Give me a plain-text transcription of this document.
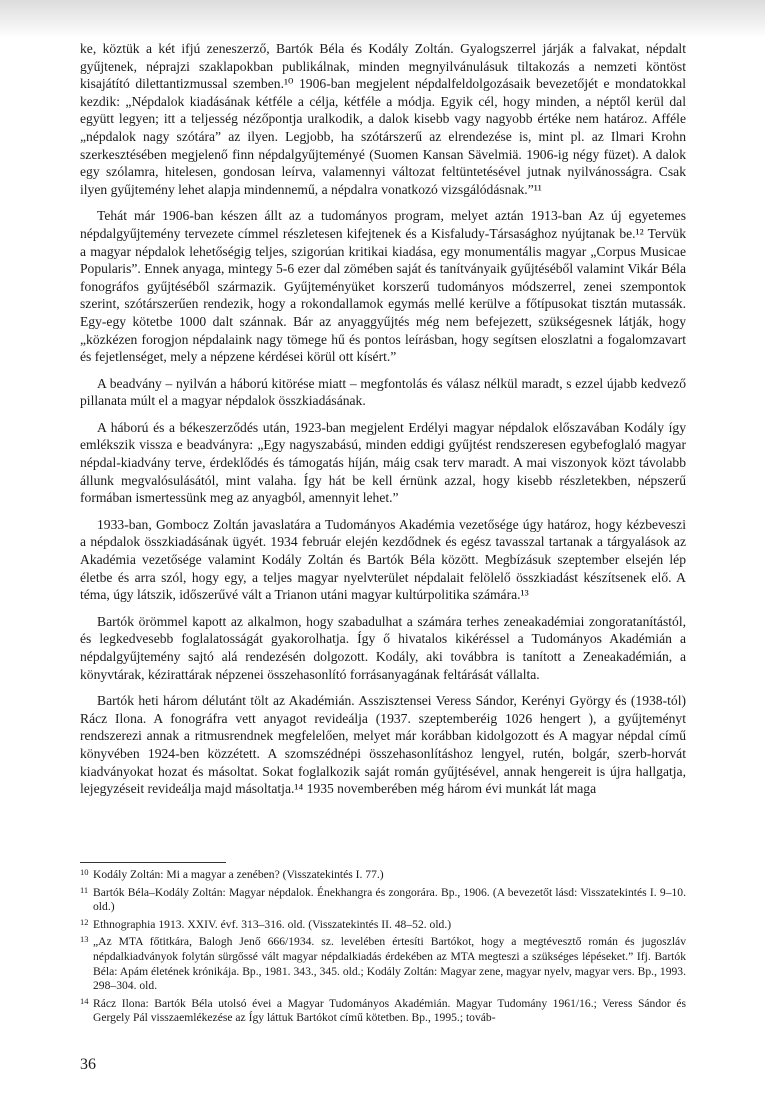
ke, köztük a két ifjú zeneszerző, Bartók Béla és Kodály Zoltán. Gyalogszerrel járják a falvakat, népdalt gyűjtenek, néprajzi szaklapokban publikálnak, minden megnyilvánulásuk tiltakozás a nemzeti köntöst kisajátító dilettantizmussal szemben.¹⁰ 1906-ban megjelent népdalfeldolgozásaik bevezetőjét e mondatokkal kezdik: „Népdalok kiadásának kétféle a célja, kétféle a módja. Egyik cél, hogy minden, a néptől kerül dal együtt legyen; itt a teljesség nézőpontja uralkodik, a dalok kisebb vagy nagyobb értéke nem határoz. Afféle „népdalok nagy szótára” az ilyen. Legjobb, ha szótárszerű az elrendezése is, mint pl. az Ilmari Krohn szerkesztésében megjelenő finn népdalgyűjteményé (Suomen Kansan Sävelmiä. 1906-ig négy füzet). A dalok egy szólamra, hitelesen, gondosan leírva, valamennyi változat feltüntetésével jutnak nyilvánosságra. Csak ilyen gyűjtemény lehet alapja mindennemű, a népdalra vonatkozó vizsgálódásnak.”¹¹

Tehát már 1906-ban készen állt az a tudományos program, melyet aztán 1913-ban Az új egyetemes népdalgyűjtemény tervezete címmel részletesen kifejtenek és a Kisfaludy-Társasághoz nyújtanak be.¹² Tervük a magyar népdalok lehetőségig teljes, szigorúan kritikai kiadása, egy monumentális magyar „Corpus Musicae Popularis”. Ennek anyaga, mintegy 5-6 ezer dal zömében saját és tanítványaik gyűjtéséből valamint Vikár Béla fonográfos gyűjtéséből származik. Gyűjteményüket korszerű tudományos módszerrel, zenei szempontok szerint, szótárszerűen rendezik, hogy a rokondallamok egymás mellé kerülve a főtípusokat tisztán mutassák. Egy-egy kötetbe 1000 dalt szánnak. Bár az anyaggyűjtés még nem befejezett, szükségesnek látják, hogy „közkézen forogjon népdalaink nagy tömege hű és pontos leírásban, hogy segítsen eloszlatni a fogalomzavart és fejetlenséget, mely a népzene kérdései körül ott kísért.”

A beadvány – nyilván a háború kitörése miatt – megfontolás és válasz nélkül maradt, s ezzel újabb kedvező pillanata múlt el a magyar népdalok összkiadásának.

A háború és a békeszerződés után, 1923-ban megjelent Erdélyi magyar népdalok előszavában Kodály így emlékszik vissza e beadványra: „Egy nagyszabású, minden eddigi gyűjtést rendszeresen egybefoglaló magyar népdal-kiadvány terve, érdeklődés és támogatás híján, máig csak terv maradt. A mai viszonyok közt távolabb állunk megvalósulásától, mint valaha. Így hát be kell érnünk azzal, hogy kisebb részletekben, népszerű formában ismertessünk meg az anyagból, amennyit lehet.”

1933-ban, Gombocz Zoltán javaslatára a Tudományos Akadémia vezetősége úgy határoz, hogy kézbeveszi a népdalok összkiadásának ügyét. 1934 február elején kezdődnek és egész tavasszal tartanak a tárgyalások az Akadémia vezetősége valamint Kodály Zoltán és Bartók Béla között. Megbízásuk szeptember elsején lép életbe és arra szól, hogy egy, a teljes magyar nyelvterület népdalait felölelő összkiadást készítsenek elő. A téma, úgy látszik, időszerűvé vált a Trianon utáni magyar kultúrpolitika számára.¹³

Bartók örömmel kapott az alkalmon, hogy szabadulhat a számára terhes zeneakadémiai zongoratanítástól, és legkedvesebb foglalatosságát gyakorolhatja. Így ő hivatalos kikéréssel a Tudományos Akadémián a népdalgyűjtemény sajtó alá rendezésén dolgozott. Kodály, aki továbbra is tanított a Zeneakadémián, a könyvtárak, kézirattárak népzenei összehasonlító forrásanyagának feltárását vállalta.

Bartók heti három délutánt tölt az Akadémián. Asszisztensei Veress Sándor, Kerényi György és (1938-tól) Rácz Ilona. A fonográfra vett anyagot revideálja (1937. szeptemberéig 1026 hengert ), a gyűjteményt rendszerezi annak a ritmusrendnek megfelelően, melyet már korábban kidolgozott és A magyar népdal című könyvében 1924-ben közzétett. A szomszédnépi összehasonlításhoz lengyel, rutén, bolgár, szerb-horvát kiadványokat hozat és másoltat. Sokat foglalkozik saját román gyűjtésével, annak hengereit is újra hallgatja, lejegyzéseit revideálja majd másoltatja.¹⁴ 1935 novemberében még három évi munkát lát maga

10 Kodály Zoltán: Mi a magyar a zenében? (Visszatekintés I. 77.)
11 Bartók Béla–Kodály Zoltán: Magyar népdalok. Énekhangra és zongorára. Bp., 1906. (A bevezetőt lásd: Visszatekintés I. 9–10. old.)
12 Ethnographia 1913. XXIV. évf. 313–316. old. (Visszatekintés II. 48–52. old.)
13 „Az MTA főtitkára, Balogh Jenő 666/1934. sz. levelében értesíti Bartókot, hogy a megtévesztő román és jugoszláv népdalkiadványok folytán sürgőssé vált magyar népdalkiadás érdekében az MTA megteszi a szükséges lépéseket.” Ifj. Bartók Béla: Apám életének krónikája. Bp., 1981. 343., 345. old.; Kodály Zoltán: Magyar zene, magyar nyelv, magyar vers. Bp., 1993. 298–304. old.
14 Rácz Ilona: Bartók Béla utolsó évei a Magyar Tudományos Akadémián. Magyar Tudomány 1961/16.; Veress Sándor és Gergely Pál visszaemlékezése az Így láttuk Bartókot című kötetben. Bp., 1995.; továb-
36
